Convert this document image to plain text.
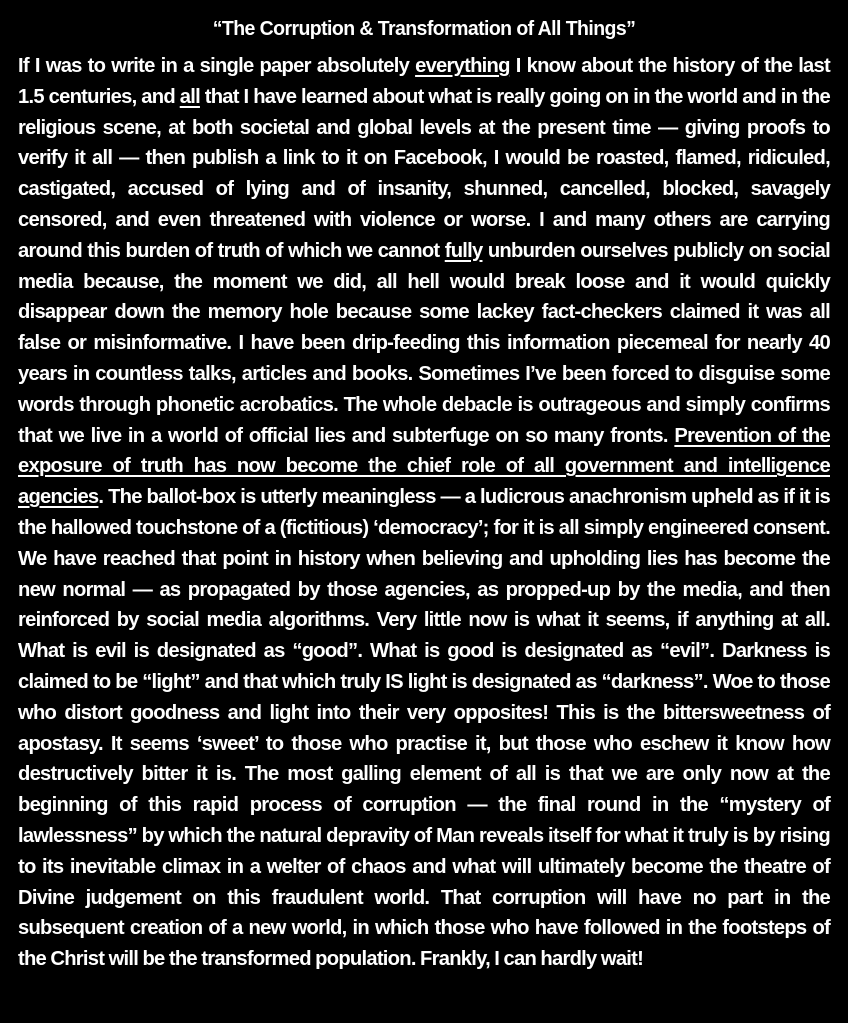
“The Corruption & Transformation of All Things”

If I was to write in a single paper absolutely everything I know about the history of the last 1.5 centuries, and all that I have learned about what is really going on in the world and in the religious scene, at both societal and global levels at the present time — giving proofs to verify it all — then publish a link to it on Facebook, I would be roasted, flamed, ridiculed, castigated, accused of lying and of insanity, shunned, cancelled, blocked, savagely censored, and even threatened with violence or worse. I and many others are carrying around this burden of truth of which we cannot fully unburden ourselves publicly on social media because, the moment we did, all hell would break loose and it would quickly disappear down the memory hole because some lackey fact-checkers claimed it was all false or misinformative. I have been drip-feeding this information piecemeal for nearly 40 years in countless talks, articles and books. Sometimes I’ve been forced to disguise some words through phonetic acrobatics. The whole debacle is outrageous and simply confirms that we live in a world of official lies and subterfuge on so many fronts. Prevention of the exposure of truth has now become the chief role of all government and intelligence agencies. The ballot-box is utterly meaningless — a ludicrous anachronism upheld as if it is the hallowed touchstone of a (fictitious) ‘democracy’; for it is all simply engineered consent. We have reached that point in history when believing and upholding lies has become the new normal — as propagated by those agencies, as propped-up by the media, and then reinforced by social media algorithms. Very little now is what it seems, if anything at all. What is evil is designated as “good”. What is good is designated as “evil”. Darkness is claimed to be “light” and that which truly IS light is designated as “darkness”. Woe to those who distort goodness and light into their very opposites! This is the bittersweetness of apostasy. It seems ‘sweet’ to those who practise it, but those who eschew it know how destructively bitter it is. The most galling element of all is that we are only now at the beginning of this rapid process of corruption — the final round in the “mystery of lawlessness” by which the natural depravity of Man reveals itself for what it truly is by rising to its inevitable climax in a welter of chaos and what will ultimately become the theatre of Divine judgement on this fraudulent world. That corruption will have no part in the subsequent creation of a new world, in which those who have followed in the footsteps of the Christ will be the transformed population. Frankly, I can hardly wait!
